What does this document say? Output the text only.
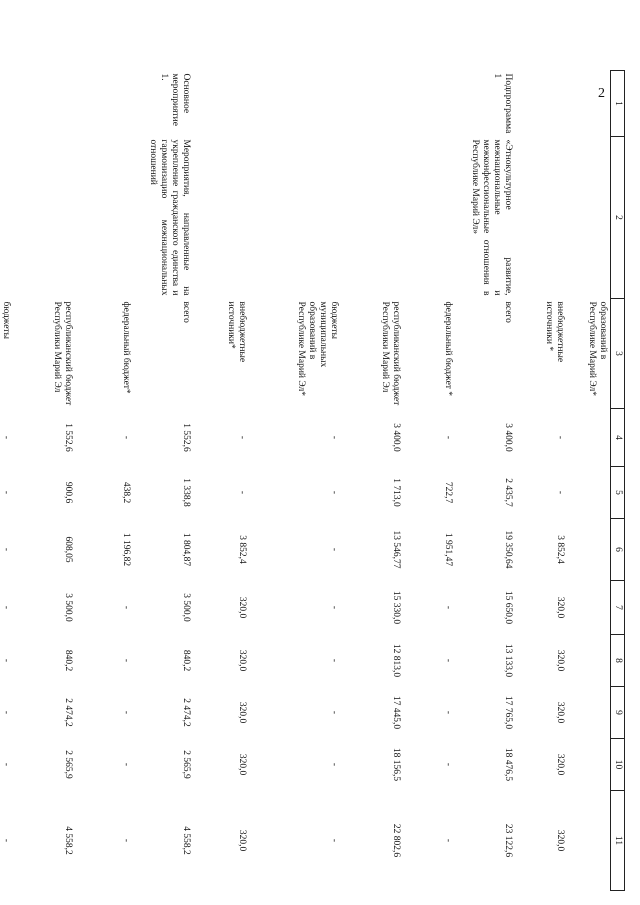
2
1	2	3	4	5	6	7	8	9	10	11
		образований в Республике Марий Эл*								
		внебюджетные источники *	-	-	3 852,4	320,0	320,0	320,0	320,0	320,0
Подпрограмма 1	«Этнокультурное развитие, межнациональные и межконфессиональные отношения в Республике Марий Эл»	всего	3 400,0	2 435,7	19 350,64	15 650,0	13 133,0	17 765,0	18 476,5	23 122,6
		федеральный бюджет *	-	722,7	1 951,47	-	-	-	-	-
		республиканский бюджет Республики Марий Эл	3 400,0	1 713,0	13 546,77	15 330,0	12 813,0	17 445,0	18 156,5	22 802,6
		бюджеты муниципальных образований в Республике Марий Эл*	-	-	-	-	-	-	-	-
		внебюджетные источники*	-	-	3 852,4	320,0	320,0	320,0	320,0	320,0
Основное мероприятие 1.	Мероприятия, направленные на укрепление гражданского единства и гармонизацию межнациональных отношений	всего	1 552,6	1 338,8	1 804,87	3 500,0	840,2	2 474,2	2 565,9	4 558,2
		федеральный бюджет*	-	438,2	1 196,82	-	-	-	-	-
		республиканский бюджет Республики Марий Эл	1 552,6	900,6	608,05	3 500,0	840,2	2 474,2	2 565,9	4 558,2
		бюджеты	-	-	-	-	-	-	-	-
